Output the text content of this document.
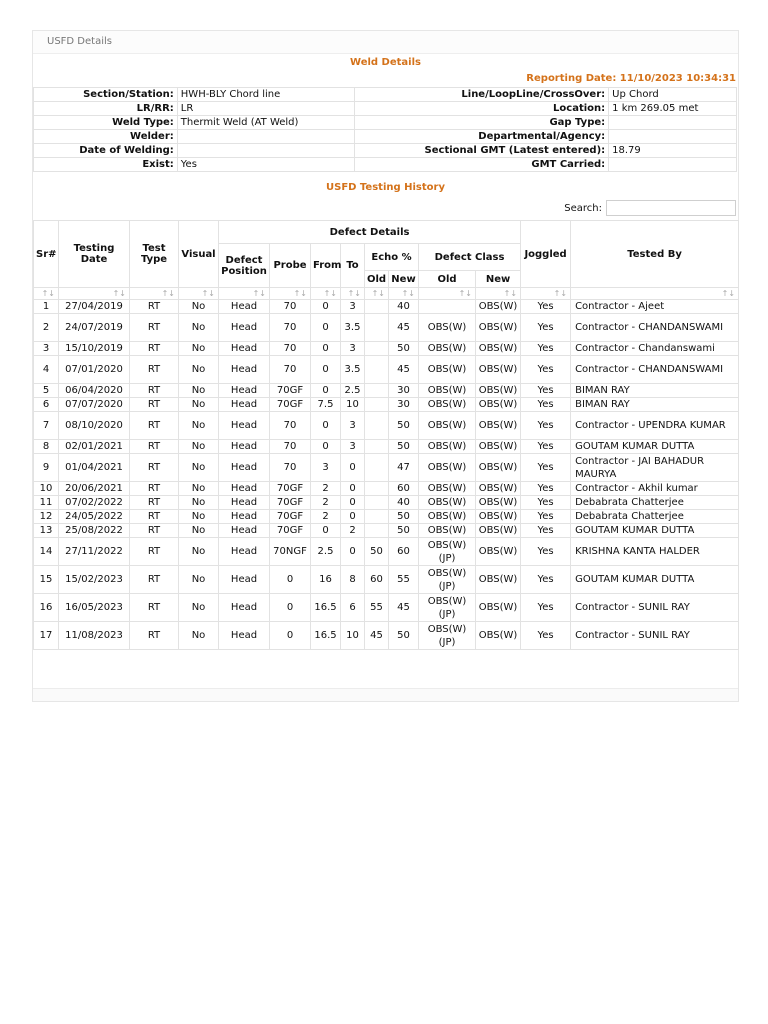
USFD Details
Weld Details
Reporting Date: 11/10/2023 10:34:31
Section/Station:	HWH-BLY Chord line	Line/LoopLine/CrossOver:	Up Chord
LR/RR:	LR	Location:	1 km 269.05 met
Weld Type:	Thermit Weld (AT Weld)	Gap Type:	
Welder:		Departmental/Agency:	
Date of Welding:		Sectional GMT (Latest entered):	18.79
Exist:	Yes	GMT Carried:	
USFD Testing History
Search:
Sr#	Testing Date	Test Type	Visual	Defect Details								Joggled	Tested By
				Defect Position	Probe	From	To	Echo %		Defect Class			
								Old	New	Old	New		
↑↓	↑↓	↑↓	↑↓	↑↓	↑↓	↑↓	↑↓	↑↓	↑↓	↑↓	↑↓	↑↓	↑↓
1	27/04/2019	RT	No	Head	70	0	3		40		OBS(W)	Yes	Contractor - Ajeet
2	24/07/2019	RT	No	Head	70	0	3.5		45	OBS(W)	OBS(W)	Yes	Contractor - CHANDANSWAMI
3	15/10/2019	RT	No	Head	70	0	3		50	OBS(W)	OBS(W)	Yes	Contractor - Chandanswami
4	07/01/2020	RT	No	Head	70	0	3.5		45	OBS(W)	OBS(W)	Yes	Contractor - CHANDANSWAMI
5	06/04/2020	RT	No	Head	70GF	0	2.5		30	OBS(W)	OBS(W)	Yes	BIMAN RAY
6	07/07/2020	RT	No	Head	70GF	7.5	10		30	OBS(W)	OBS(W)	Yes	BIMAN RAY
7	08/10/2020	RT	No	Head	70	0	3		50	OBS(W)	OBS(W)	Yes	Contractor - UPENDRA KUMAR
8	02/01/2021	RT	No	Head	70	0	3		50	OBS(W)	OBS(W)	Yes	GOUTAM KUMAR DUTTA
9	01/04/2021	RT	No	Head	70	3	0		47	OBS(W)	OBS(W)	Yes	Contractor - JAI BAHADUR MAURYA
10	20/06/2021	RT	No	Head	70GF	2	0		60	OBS(W)	OBS(W)	Yes	Contractor - Akhil kumar
11	07/02/2022	RT	No	Head	70GF	2	0		40	OBS(W)	OBS(W)	Yes	Debabrata Chatterjee
12	24/05/2022	RT	No	Head	70GF	2	0		50	OBS(W)	OBS(W)	Yes	Debabrata Chatterjee
13	25/08/2022	RT	No	Head	70GF	0	2		50	OBS(W)	OBS(W)	Yes	GOUTAM KUMAR DUTTA
14	27/11/2022	RT	No	Head	70NGF	2.5	0	50	60	OBS(W) (JP)	OBS(W)	Yes	KRISHNA KANTA HALDER
15	15/02/2023	RT	No	Head	0	16	8	60	55	OBS(W) (JP)	OBS(W)	Yes	GOUTAM KUMAR DUTTA
16	16/05/2023	RT	No	Head	0	16.5	6	55	45	OBS(W) (JP)	OBS(W)	Yes	Contractor - SUNIL RAY
17	11/08/2023	RT	No	Head	0	16.5	10	45	50	OBS(W) (JP)	OBS(W)	Yes	Contractor - SUNIL RAY
